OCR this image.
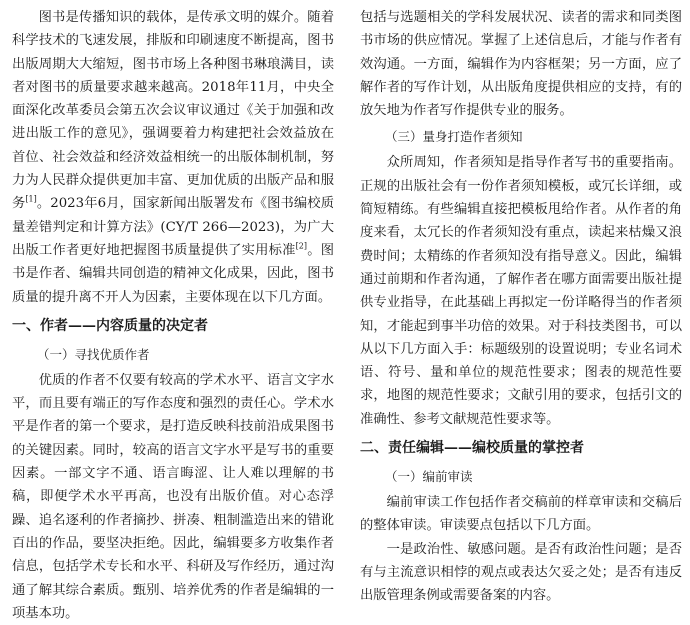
图书是传播知识的载体，是传承文明的媒介。随着科学技术的飞速发展，排版和印刷速度不断提高，图书出版周期大大缩短，图书市场上各种图书琳琅满目，读者对图书的质量要求越来越高。2018年11月，中央全面深化改革委员会第五次会议审议通过《关于加强和改进出版工作的意见》，强调要着力构建把社会效益放在首位、社会效益和经济效益相统一的出版体制机制，努力为人民群众提供更加丰富、更加优质的出版产品和服务[1]。2023年6月，国家新闻出版署发布《图书编校质量差错判定和计算方法》(CY/T 266—2023)，为广大出版工作者更好地把握图书质量提供了实用标准[2]。图书是作者、编辑共同创造的精神文化成果，因此，图书质量的提升离不开人为因素，主要体现在以下几方面。

一、作者——内容质量的决定者
（一）寻找优质作者

优质的作者不仅要有较高的学术水平、语言文字水平，而且要有端正的写作态度和强烈的责任心。学术水平是作者的第一个要求，是打造反映科技前沿成果图书的关键因素。同时，较高的语言文字水平是写书的重要因素。一部文字不通、语言晦涩、让人难以理解的书稿，即便学术水平再高，也没有出版价值。对心态浮躁、追名逐利的作者摘抄、拼凑、粗制滥造出来的错讹百出的作品，要坚决拒绝。因此，编辑要多方收集作者信息，包括学术专长和水平、科研及写作经历，通过沟通了解其综合素质。甄别、培养优秀的作者是编辑的一项基本功。

包括与选题相关的学科发展状况、读者的需求和同类图书市场的供应情况。掌握了上述信息后，才能与作者有效沟通。一方面，编辑作为内容框架；另一方面，应了解作者的写作计划，从出版角度提供相应的支持，有的放矢地为作者写作提供专业的服务。

（三）量身打造作者须知

众所周知，作者须知是指导作者写书的重要指南。正规的出版社会有一份作者须知模板，或冗长详细，或简短精练。有些编辑直接把模板甩给作者。从作者的角度来看，太冗长的作者须知没有重点，读起来枯燥又浪费时间；太精练的作者须知没有指导意义。因此，编辑通过前期和作者沟通，了解作者在哪方面需要出版社提供专业指导，在此基础上再拟定一份详略得当的作者须知，才能起到事半功倍的效果。对于科技类图书，可以从以下几方面入手：标题级别的设置说明；专业名词术语、符号、量和单位的规范性要求；图表的规范性要求，地图的规范性要求；文献引用的要求，包括引文的准确性、参考文献规范性要求等。

二、责任编辑——编校质量的掌控者
（一）编前审读

编前审读工作包括作者交稿前的样章审读和交稿后的整体审读。审读要点包括以下几方面。

一是政治性、敏感问题。是否有政治性问题；是否有与主流意识相悖的观点或表达欠妥之处；是否有违反出版管理条例或需要备案的内容。
